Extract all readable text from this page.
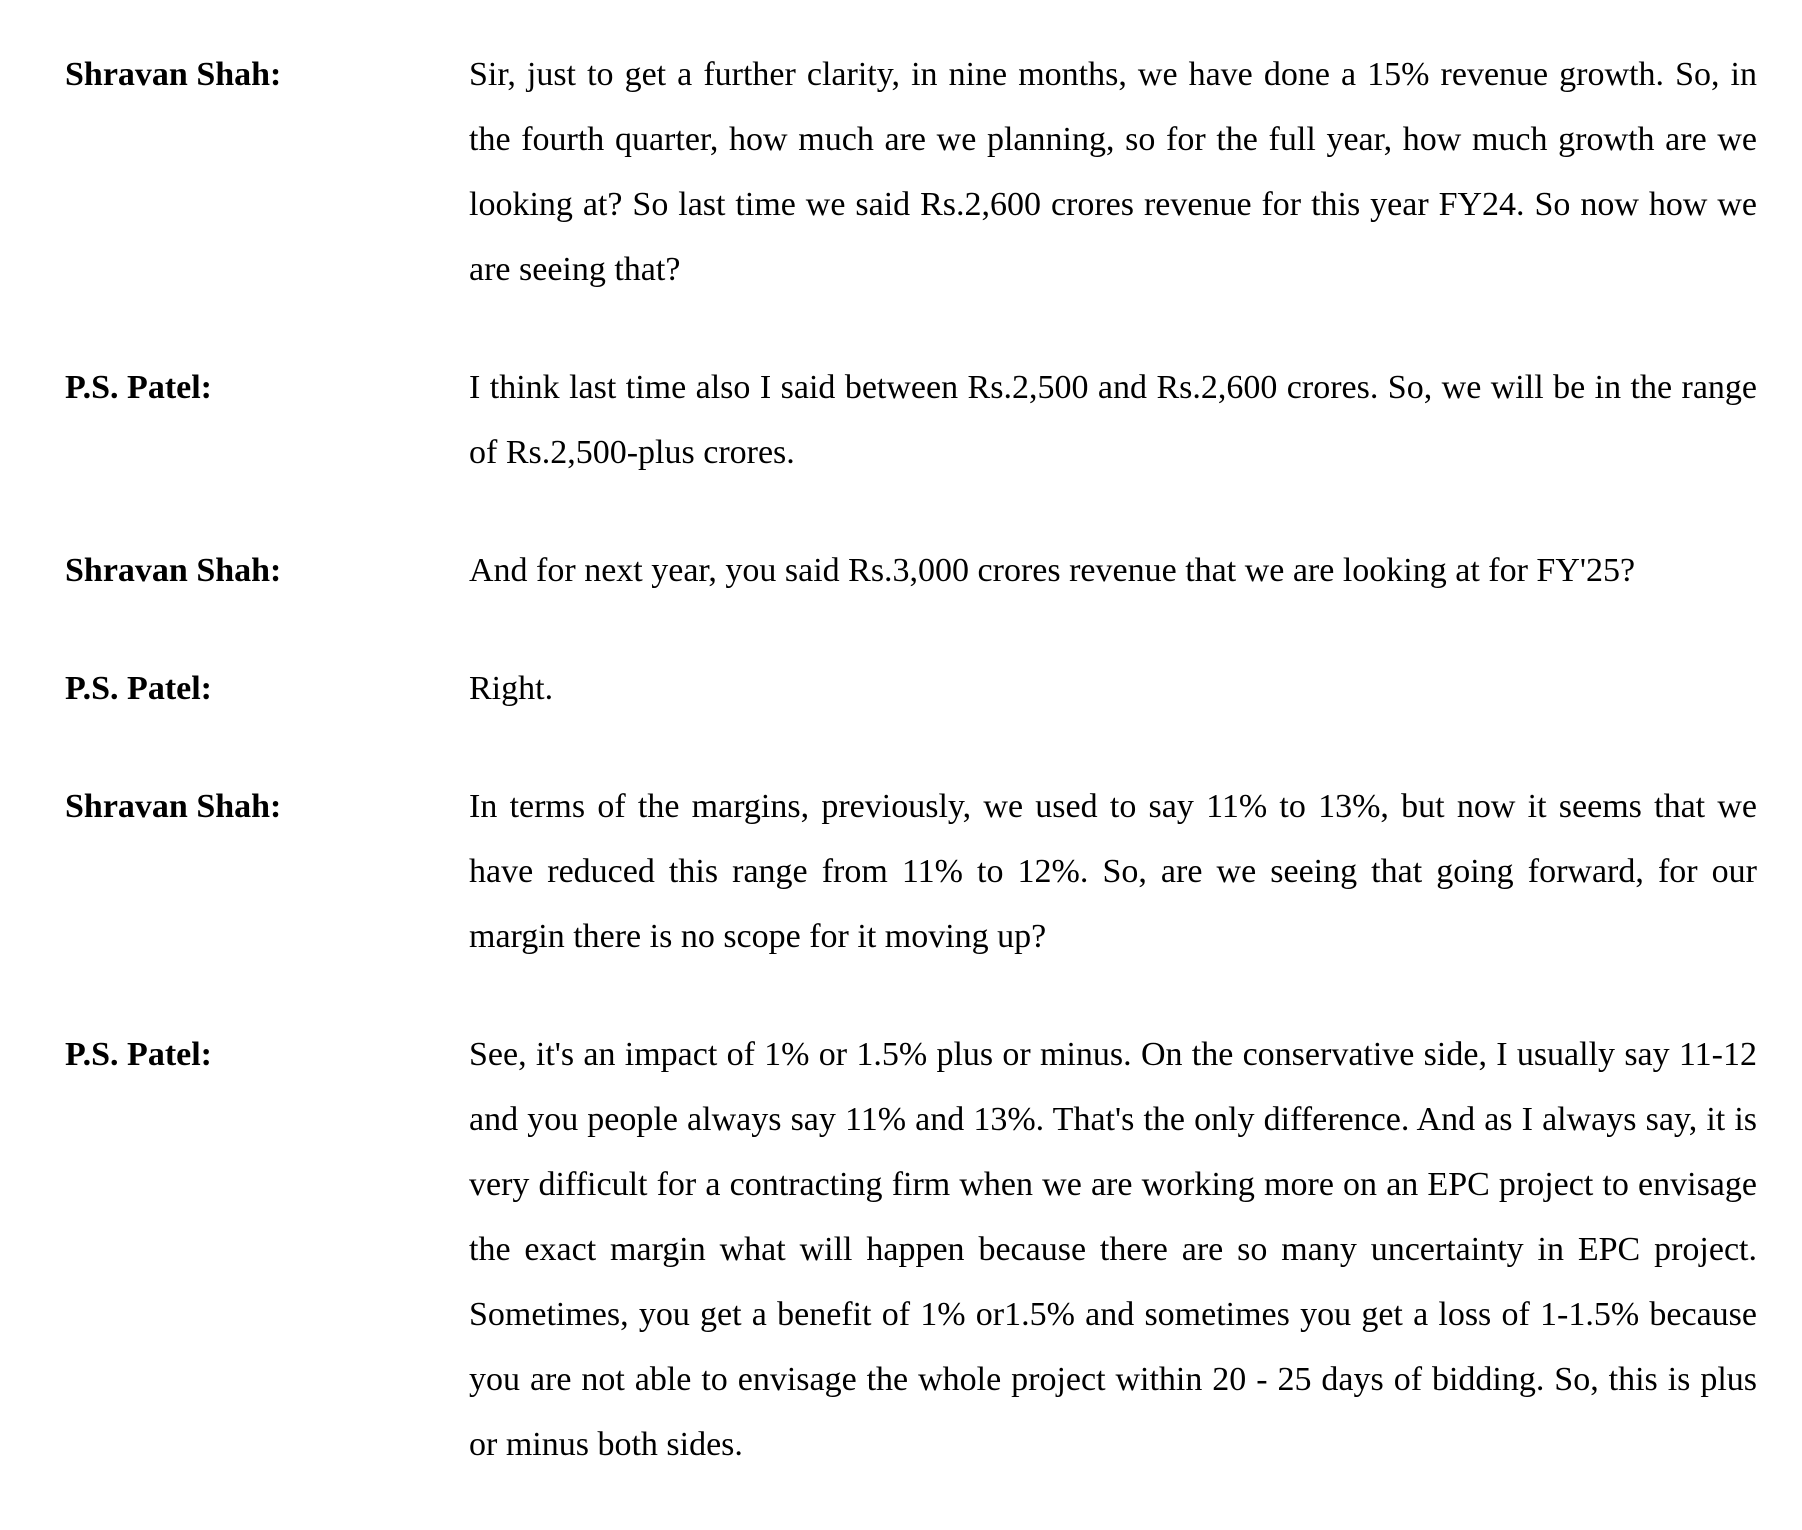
Shravan Shah:	Sir, just to get a further clarity, in nine months, we have done a 15% revenue growth. So, in the fourth quarter, how much are we planning, so for the full year, how much growth are we looking at? So last time we said Rs.2,600 crores revenue for this year FY24. So now how we are seeing that?
P.S. Patel:	I think last time also I said between Rs.2,500 and Rs.2,600 crores. So, we will be in the range of Rs.2,500-plus crores.
Shravan Shah:	And for next year, you said Rs.3,000 crores revenue that we are looking at for FY'25?
P.S. Patel:	Right.
Shravan Shah:	In terms of the margins, previously, we used to say 11% to 13%, but now it seems that we have reduced this range from 11% to 12%. So, are we seeing that going forward, for our margin there is no scope for it moving up?
P.S. Patel:	See, it's an impact of 1% or 1.5% plus or minus. On the conservative side, I usually say 11-12 and you people always say 11% and 13%. That's the only difference. And as I always say, it is very difficult for a contracting firm when we are working more on an EPC project to envisage the exact margin what will happen because there are so many uncertainty in EPC project. Sometimes, you get a benefit of 1% or1.5% and sometimes you get a loss of 1-1.5% because you are not able to envisage the whole project within 20 - 25 days of bidding. So, this is plus or minus both sides.
